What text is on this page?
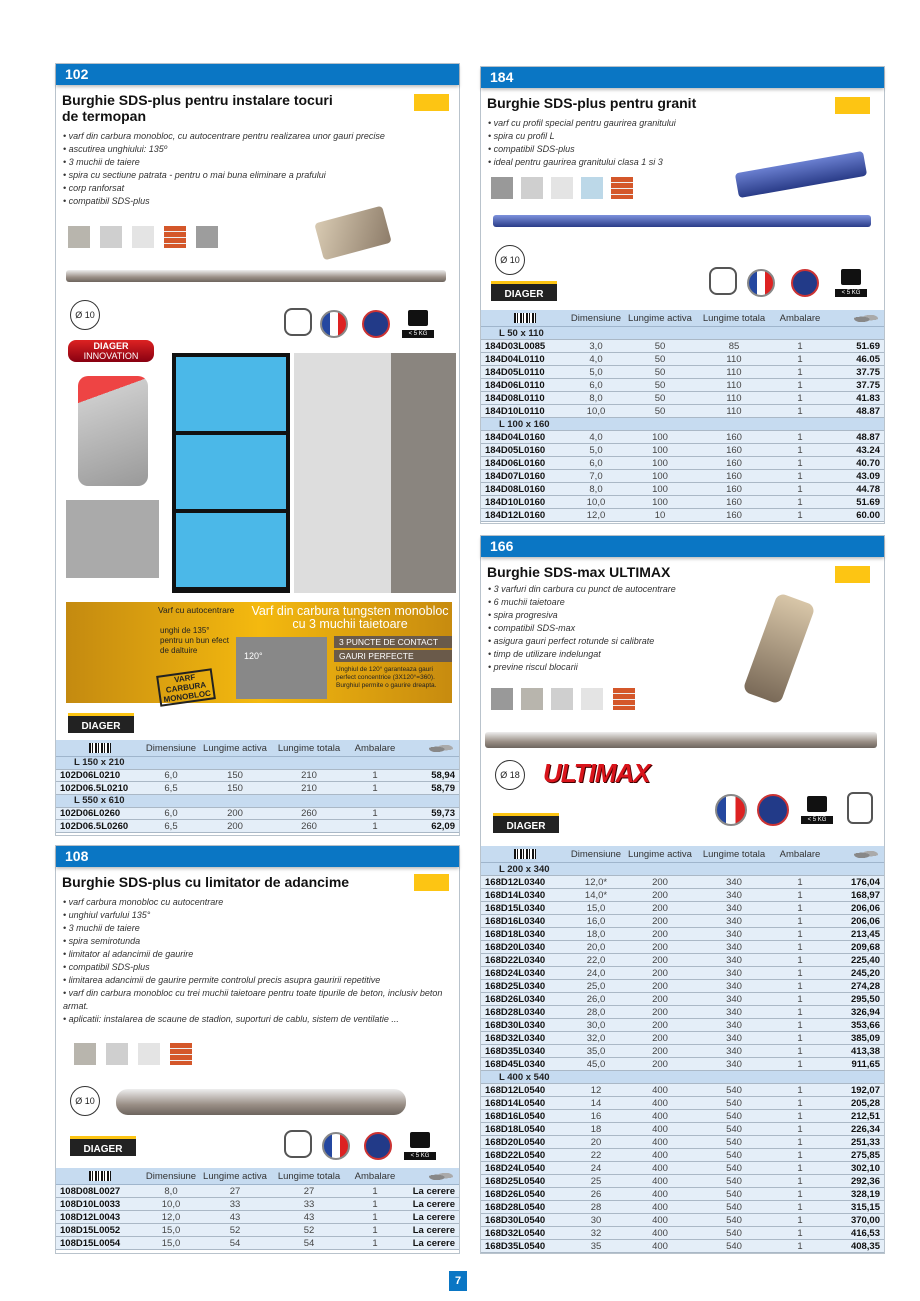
102
Burghie SDS-plus pentru instalare tocuri de termopan
• varf din carbura monobloc, cu autocentrare pentru realizarea unor gauri precise
• ascutirea unghiului: 135º
• 3 muchii de taiere
• spira cu sectiune patrata - pentru o mai buna eliminare a prafului
• corp ranforsat
• compatibil SDS-plus
Ø 10
< 5 KG
DIAGER
INNOVATION
Varf cu autocentrare
unghi de 135° pentru un bun efect de daltuire
VARF CARBURA MONOBLOC
Varf din carbura tungsten monobloc cu 3 muchii taietoare
120°
3 PUNCTE DE CONTACT
GAURI PERFECTE
Unghiul de 120° garanteaza gauri perfect concentrice (3X120°=360). Burghiul permite o gaurire dreapta.
DIAGER
Dimensiune Lungime activa	Lungime totala	Ambalare
L 150 x 210
102D06L0210	6,0	150	210	1	58,94
102D06.5L0210	6,5	150	210	1	58,79
L 550 x 610
102D06L0260	6,0	200	260	1	59,73
102D06.5L0260	6,5	200	260	1	62,09
108
Burghie SDS-plus cu limitator de adancime
• varf carbura monobloc cu autocentrare
• unghiul varfului 135°
• 3 muchii de taiere
• spira semirotunda
• limitator al adancimii de gaurire
• compatibil SDS-plus
• limitarea adancimii de gaurire permite controlul precis asupra gauririi repetitive
• varf din carbura monobloc cu trei muchii taietoare pentru toate tipurile de beton, inclusiv beton armat.
• aplicatii: instalarea de scaune de stadion, suporturi de cablu, sistem de ventilatie ...
Ø 10
DIAGER
< 5 KG
Dimensiune Lungime activa	Lungime totala	Ambalare
108D08L0027	8,0	27	27	1	La cerere
108D10L0033	10,0	33	33	1	La cerere
108D12L0043	12,0	43	43	1	La cerere
108D15L0052	15,0	52	52	1	La cerere
108D15L0054	15,0	54	54	1	La cerere
184
Burghie SDS-plus pentru granit
• varf cu profil special pentru gaurirea granitului
• spira cu profil L
• compatibil SDS-plus
• ideal pentru gaurirea granitului clasa 1 si 3
Ø 10
DIAGER	< 5 KG
Dimensiune Lungime activa	Lungime totala	Ambalare
L 50 x 110
184D03L0085	3,0	50	85	1	51.69
184D04L0110	4,0	50	110	1	46.05
184D05L0110	5,0	50	110	1	37.75
184D06L0110	6,0	50	110	1	37.75
184D08L0110	8,0	50	110	1	41.83
184D10L0110	10,0	50	110	1	48.87
L 100 x 160
184D04L0160	4,0	100	160	1	48.87
184D05L0160	5,0	100	160	1	43.24
184D06L0160	6,0	100	160	1	40.70
184D07L0160	7,0	100	160	1	43.09
184D08L0160	8,0	100	160	1	44.78
184D10L0160	10,0	100	160	1	51.69
184D12L0160	12,0	10	160	1	60.00
166
Burghie SDS-max ULTIMAX
• 3 varfuri din carbura cu punct de autocentrare
• 6 muchii taietoare
• spira progresiva
• compatibil SDS-max
• asigura gauri perfect rotunde si calibrate
• timp de utilizare indelungat
• previne riscul blocarii
Ø 18 ULTIMAX
< 5 KG
DIAGER
Dimensiune Lungime activa	Lungime totala	Ambalare
L 200 x 340
168D12L0340	12,0*	200	340	1	176,04
168D14L0340	14,0*	200	340	1	168,97
168D15L0340	15,0	200	340	1	206,06
168D16L0340	16,0	200	340	1	206,06
168D18L0340	18,0	200	340	1	213,45
168D20L0340	20,0	200	340	1	209,68
168D22L0340	22,0	200	340	1	225,40
168D24L0340	24,0	200	340	1	245,20
168D25L0340	25,0	200	340	1	274,28
168D26L0340	26,0	200	340	1	295,50
168D28L0340	28,0	200	340	1	326,94
168D30L0340	30,0	200	340	1	353,66
168D32L0340	32,0	200	340	1	385,09
168D35L0340	35,0	200	340	1	413,38
168D45L0340	45,0	200	340	1	911,65
L 400 x 540
168D12L0540	12	400	540	1	192,07
168D14L0540	14	400	540	1	205,28
168D16L0540	16	400	540	1	212,51
168D18L0540	18	400	540	1	226,34
168D20L0540	20	400	540	1	251,33
168D22L0540	22	400	540	1	275,85
168D24L0540	24	400	540	1	302,10
168D25L0540	25	400	540	1	292,36
168D26L0540	26	400	540	1	328,19
168D28L0540	28	400	540	1	315,15
168D30L0540	30	400	540	1	370,00
168D32L0540	32	400	540	1	416,53
168D35L0540	35	400	540	1	408,35
7
